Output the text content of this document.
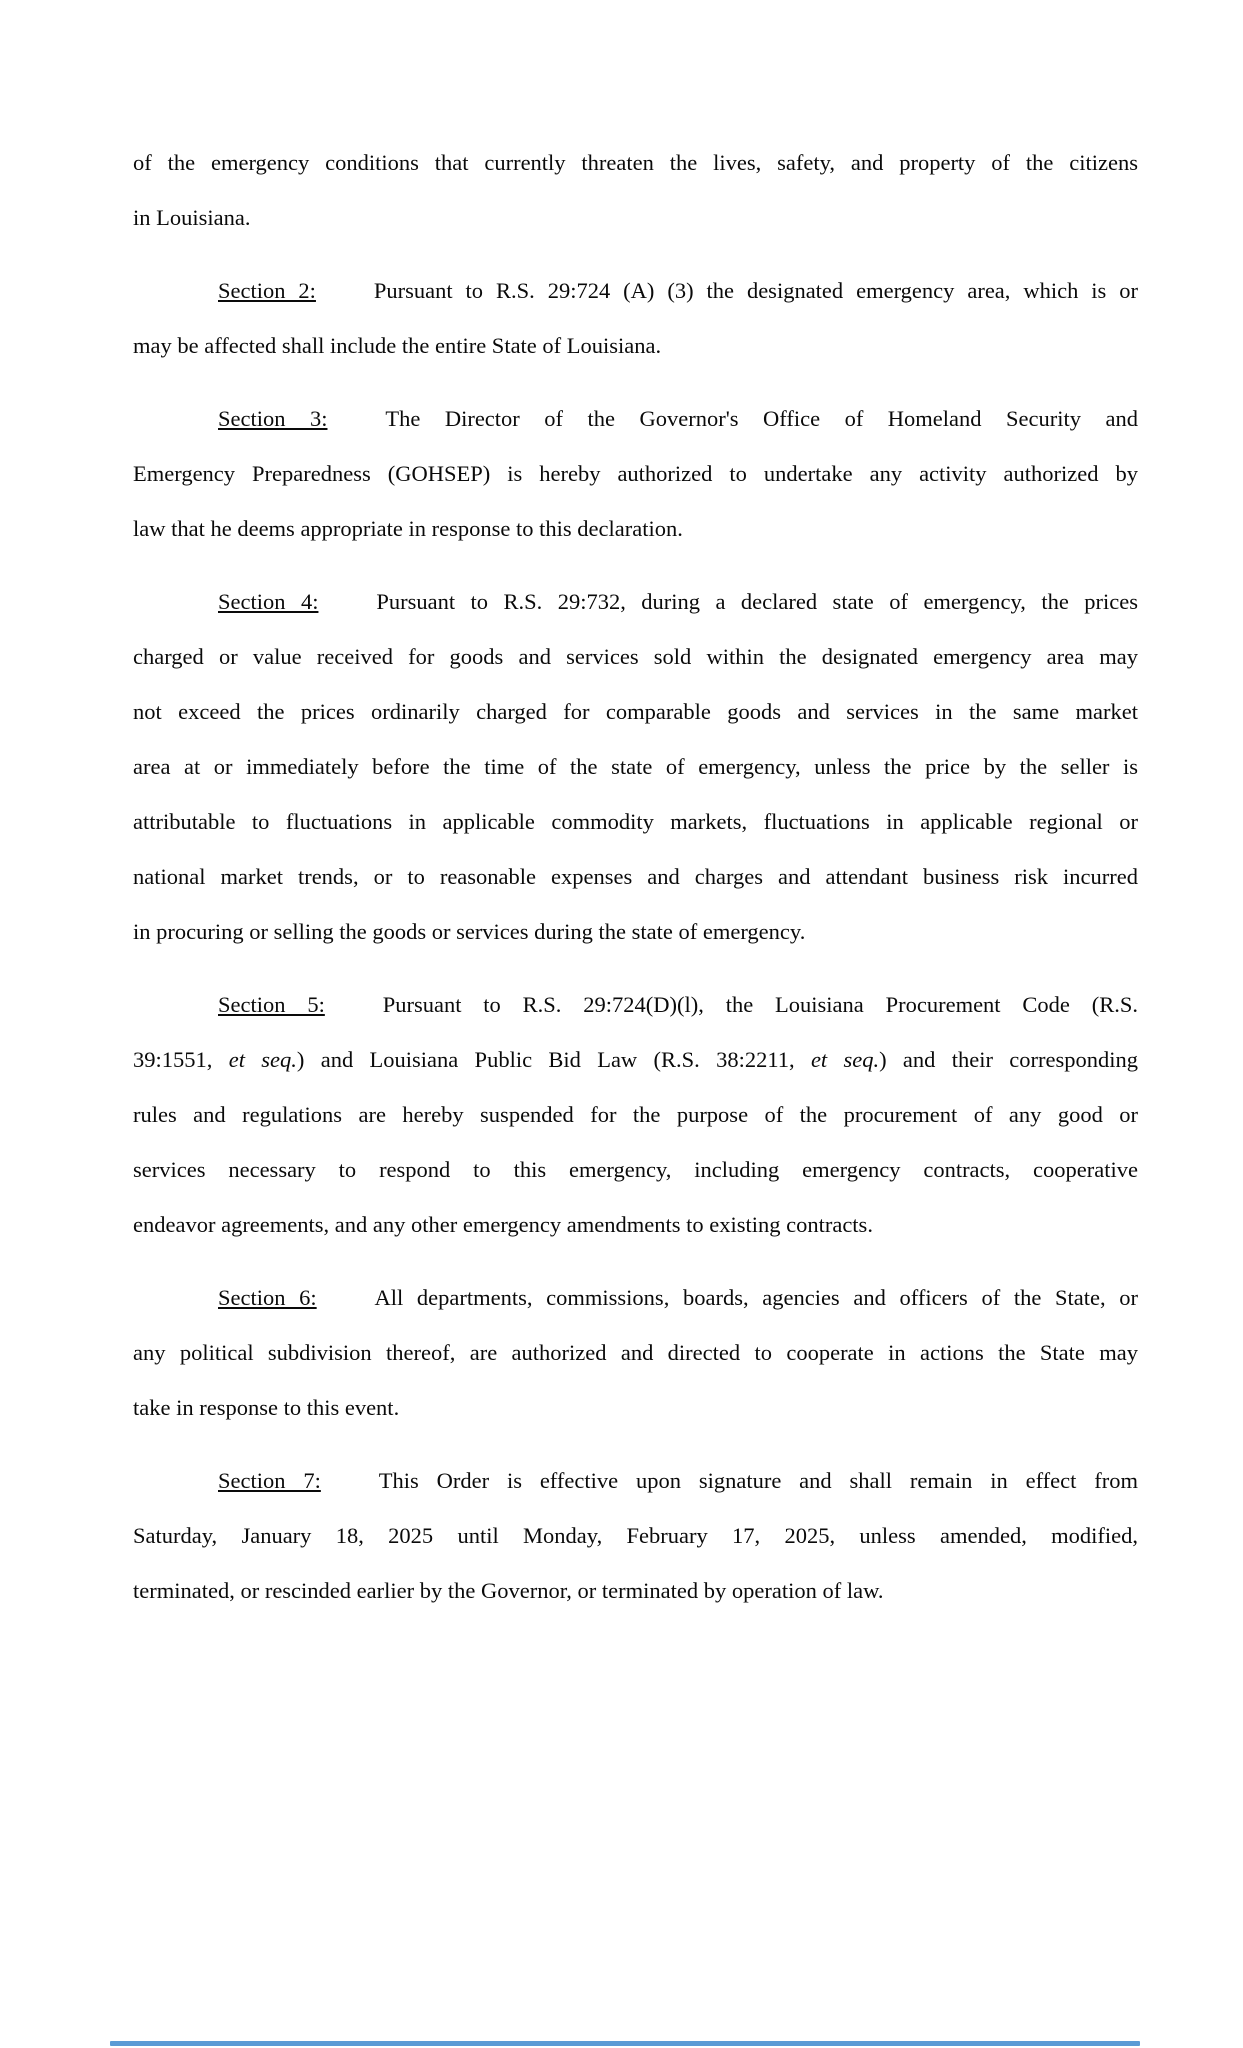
of the emergency conditions that currently threaten the lives, safety, and property of the citizens
in Louisiana.
Section 2:	Pursuant to R.S. 29:724 (A) (3) the designated emergency area, which is or
may be affected shall include the entire State of Louisiana.
Section 3:	The Director of the Governor's Office of Homeland Security and
Emergency Preparedness (GOHSEP) is hereby authorized to undertake any activity authorized by
law that he deems appropriate in response to this declaration.
Section 4:	Pursuant to R.S. 29:732, during a declared state of emergency, the prices
charged or value received for goods and services sold within the designated emergency area may
not exceed the prices ordinarily charged for comparable goods and services in the same market
area at or immediately before the time of the state of emergency, unless the price by the seller is
attributable to fluctuations in applicable commodity markets, fluctuations in applicable regional or
national market trends, or to reasonable expenses and charges and attendant business risk incurred
in procuring or selling the goods or services during the state of emergency.
Section 5:	Pursuant to R.S. 29:724(D)(l), the Louisiana Procurement Code (R.S.
39:1551, et seq.) and Louisiana Public Bid Law (R.S. 38:2211, et seq.) and their corresponding
rules and regulations are hereby suspended for the purpose of the procurement of any good or
services necessary to respond to this emergency, including emergency contracts, cooperative
endeavor agreements, and any other emergency amendments to existing contracts.
Section 6:	All departments, commissions, boards, agencies and officers of the State, or
any political subdivision thereof, are authorized and directed to cooperate in actions the State may
take in response to this event.
Section 7:	This Order is effective upon signature and shall remain in effect from
Saturday, January 18, 2025 until Monday, February 17, 2025, unless amended, modified,
terminated, or rescinded earlier by the Governor, or terminated by operation of law.
